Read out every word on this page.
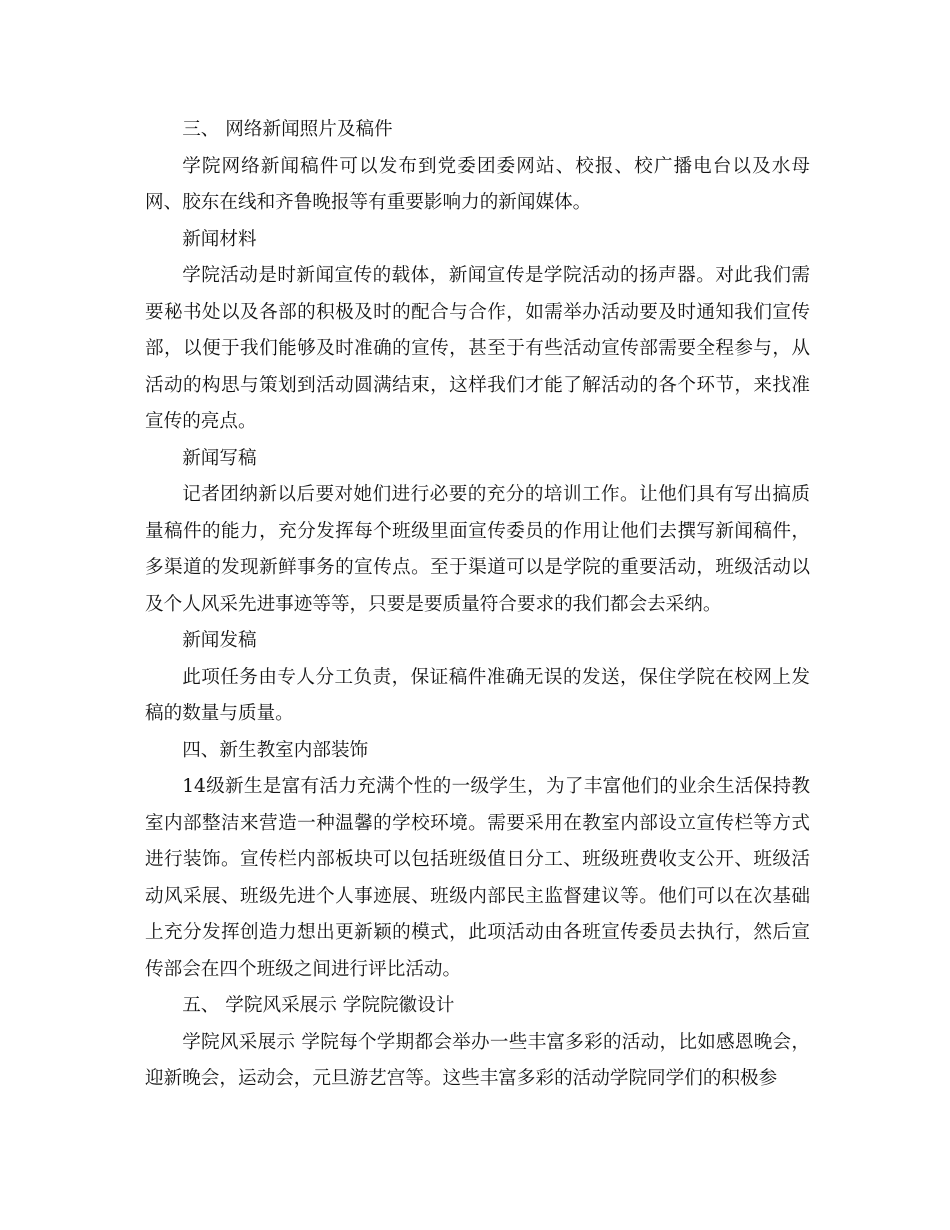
三、 网络新闻照片及稿件

学院网络新闻稿件可以发布到党委团委网站、校报、校广播电台以及水母网、胶东在线和齐鲁晚报等有重要影响力的新闻媒体。

新闻材料

学院活动是时新闻宣传的载体，新闻宣传是学院活动的扬声器。对此我们需要秘书处以及各部的积极及时的配合与合作，如需举办活动要及时通知我们宣传部，以便于我们能够及时准确的宣传，甚至于有些活动宣传部需要全程参与，从活动的构思与策划到活动圆满结束，这样我们才能了解活动的各个环节，来找准宣传的亮点。

新闻写稿

记者团纳新以后要对她们进行必要的充分的培训工作。让他们具有写出搞质量稿件的能力，充分发挥每个班级里面宣传委员的作用让他们去撰写新闻稿件，多渠道的发现新鲜事务的宣传点。至于渠道可以是学院的重要活动，班级活动以及个人风采先进事迹等等，只要是要质量符合要求的我们都会去采纳。

新闻发稿

此项任务由专人分工负责，保证稿件准确无误的发送，保住学院在校网上发稿的数量与质量。

四、新生教室内部装饰

14级新生是富有活力充满个性的一级学生，为了丰富他们的业余生活保持教室内部整洁来营造一种温馨的学校环境。需要采用在教室内部设立宣传栏等方式进行装饰。宣传栏内部板块可以包括班级值日分工、班级班费收支公开、班级活动风采展、班级先进个人事迹展、班级内部民主监督建议等。他们可以在次基础上充分发挥创造力想出更新颖的模式，此项活动由各班宣传委员去执行，然后宣传部会在四个班级之间进行评比活动。

五、 学院风采展示 学院院徽设计

学院风采展示 学院每个学期都会举办一些丰富多彩的活动，比如感恩晚会，迎新晚会，运动会，元旦游艺宫等。这些丰富多彩的活动学院同学们的积极参
